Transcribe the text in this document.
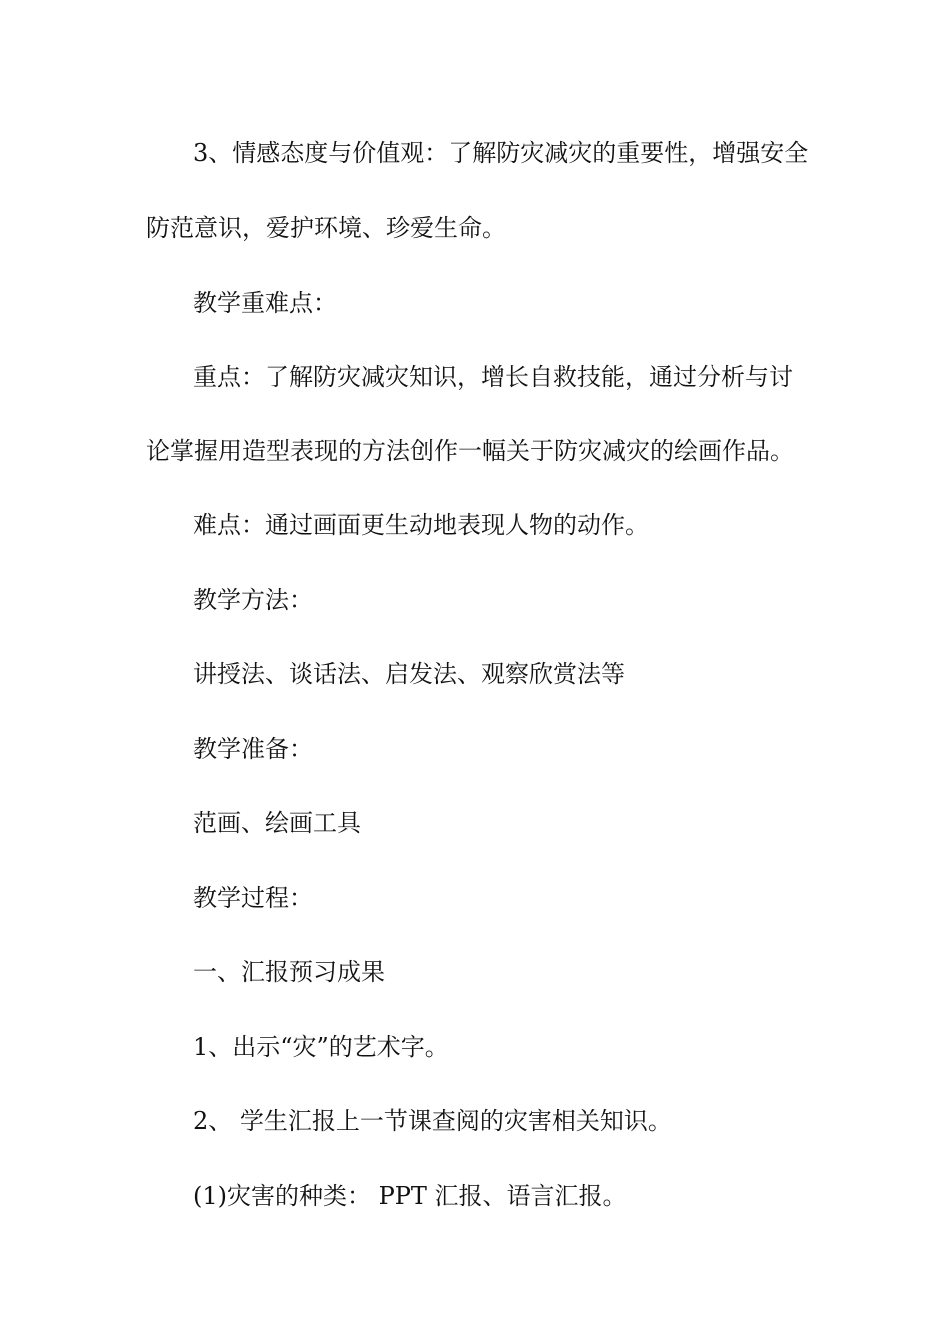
3、情感态度与价值观：了解防灾减灾的重要性，增强安全
防范意识，爱护环境、珍爱生命。
教学重难点：
重点：了解防灾减灾知识，增长自救技能，通过分析与讨
论掌握用造型表现的方法创作一幅关于防灾减灾的绘画作品。
难点：通过画面更生动地表现人物的动作。
教学方法：
讲授法、谈话法、启发法、观察欣赏法等
教学准备：
范画、绘画工具
教学过程：
一、汇报预习成果
1、出示“灾”的艺术字。
2、 学生汇报上一节课查阅的灾害相关知识。
(1)灾害的种类： PPT 汇报、语言汇报。
